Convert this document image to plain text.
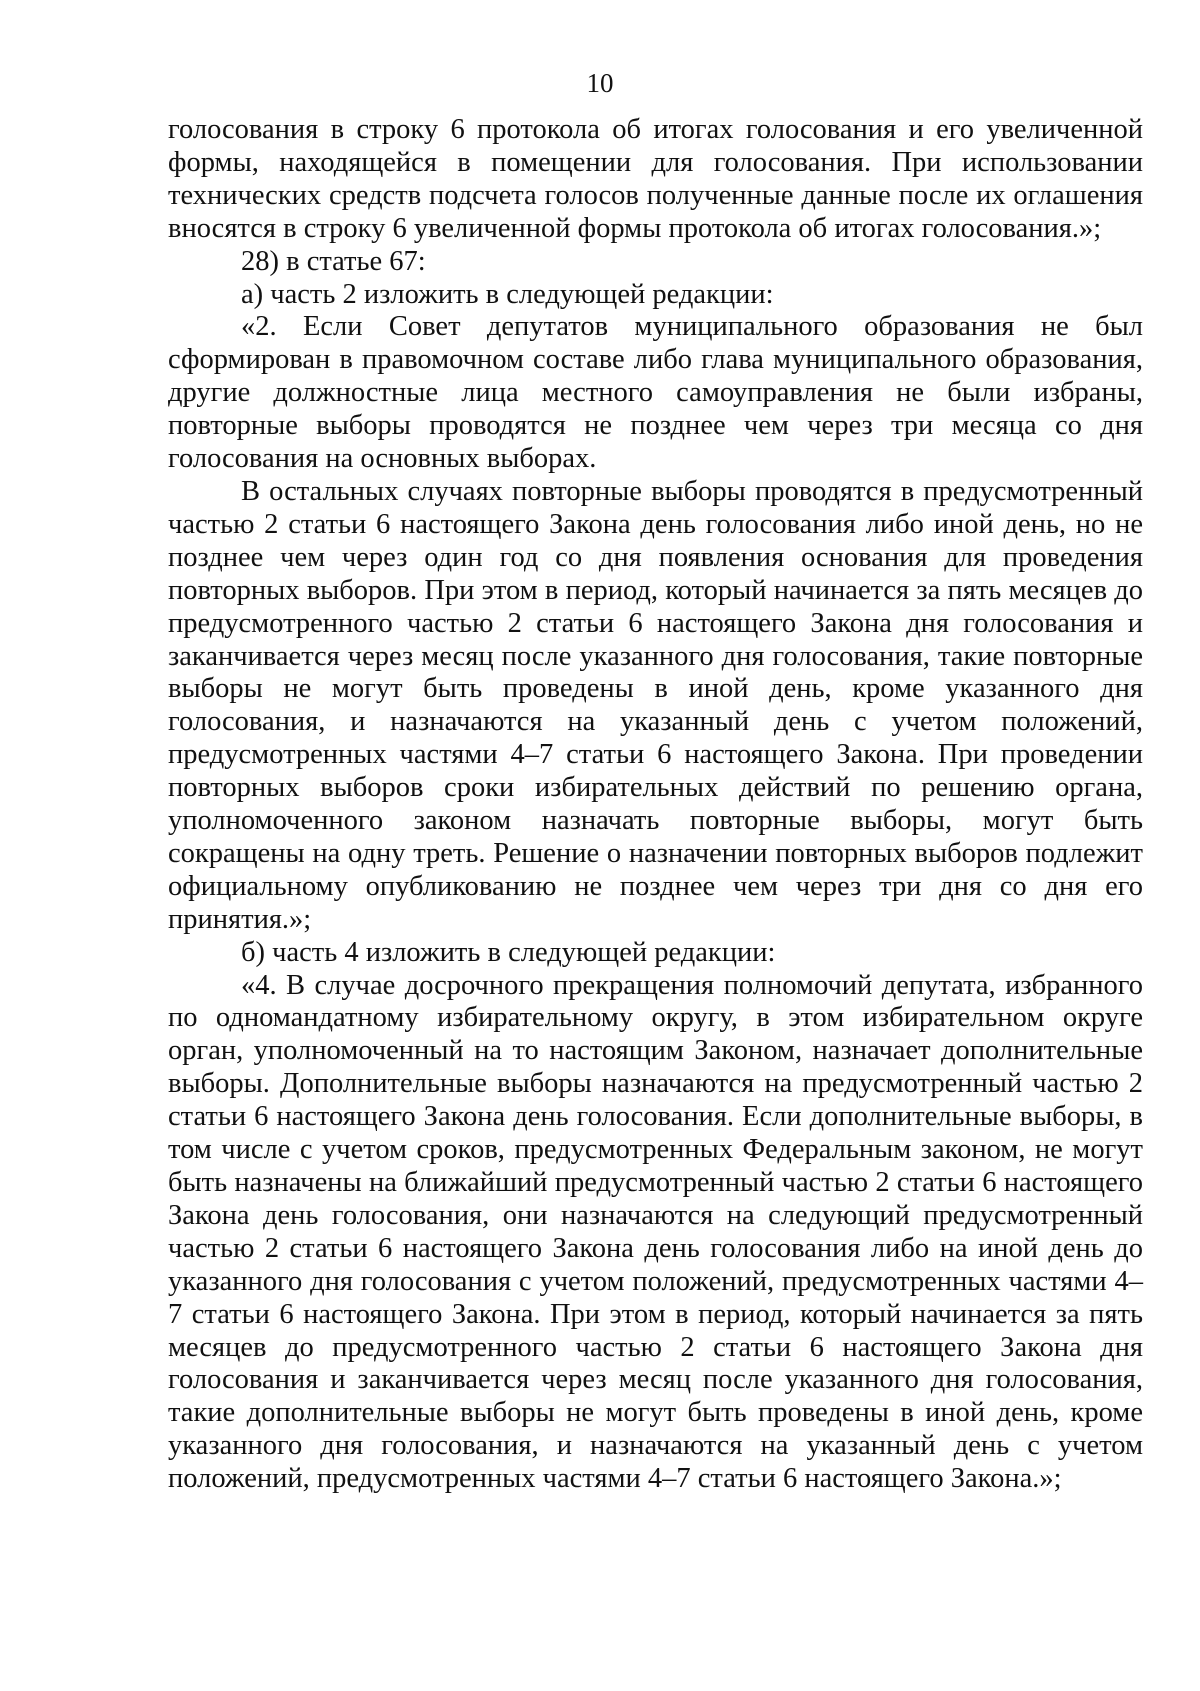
10

голосования в строку 6 протокола об итогах голосования и его увеличенной формы, находящейся в помещении для голосования. При использовании технических средств подсчета голосов полученные данные после их оглашения вносятся в строку 6 увеличенной формы протокола об итогах голосования.»;

28) в статье 67:

а) часть 2 изложить в следующей редакции:

«2. Если Совет депутатов муниципального образования не был сформирован в правомочном составе либо глава муниципального образования, другие должностные лица местного самоуправления не были избраны, повторные выборы проводятся не позднее чем через три месяца со дня голосования на основных выборах.

В остальных случаях повторные выборы проводятся в предусмотренный частью 2 статьи 6 настоящего Закона день голосования либо иной день, но не позднее чем через один год со дня появления основания для проведения повторных выборов. При этом в период, который начинается за пять месяцев до предусмотренного частью 2 статьи 6 настоящего Закона дня голосования и заканчивается через месяц после указанного дня голосования, такие повторные выборы не могут быть проведены в иной день, кроме указанного дня голосования, и назначаются на указанный день с учетом положений, предусмотренных частями 4–7 статьи 6 настоящего Закона. При проведении повторных выборов сроки избирательных действий по решению органа, уполномоченного законом назначать повторные выборы, могут быть сокращены на одну треть. Решение о назначении повторных выборов подлежит официальному опубликованию не позднее чем через три дня со дня его принятия.»;

б) часть 4 изложить в следующей редакции:

«4. В случае досрочного прекращения полномочий депутата, избранного по одномандатному избирательному округу, в этом избирательном округе орган, уполномоченный на то настоящим Законом, назначает дополнительные выборы. Дополнительные выборы назначаются на предусмотренный частью 2 статьи 6 настоящего Закона день голосования. Если дополнительные выборы, в том числе с учетом сроков, предусмотренных Федеральным законом, не могут быть назначены на ближайший предусмотренный частью 2 статьи 6 настоящего Закона день голосования, они назначаются на следующий предусмотренный частью 2 статьи 6 настоящего Закона день голосования либо на иной день до указанного дня голосования с учетом положений, предусмотренных частями 4–7 статьи 6 настоящего Закона. При этом в период, который начинается за пять месяцев до предусмотренного частью 2 статьи 6 настоящего Закона дня голосования и заканчивается через месяц после указанного дня голосования, такие дополнительные выборы не могут быть проведены в иной день, кроме указанного дня голосования, и назначаются на указанный день с учетом положений, предусмотренных частями 4–7 статьи 6 настоящего Закона.»;
